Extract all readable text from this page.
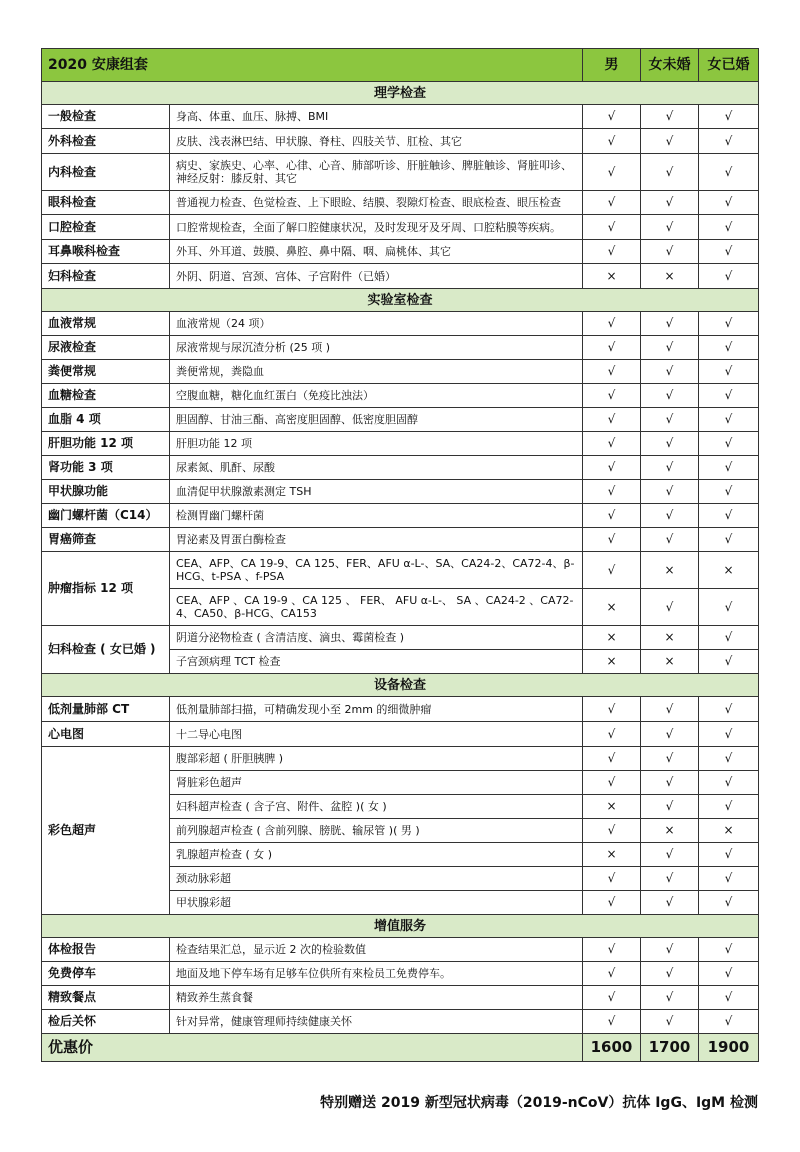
2020 安康组套		男	女未婚	女已婚
理学检查				
一般检查	身高、体重、血压、脉搏、BMI	√	√	√
外科检查	皮肤、浅表淋巴结、甲状腺、脊柱、四肢关节、肛检、其它	√	√	√
内科检查	病史、家族史、心率、心律、心音、肺部听诊、肝脏触诊、脾脏触诊、肾脏叩诊、神经反射：膝反射、其它	√	√	√
眼科检查	普通视力检查、色觉检查、上下眼睑、结膜、裂隙灯检查、眼底检查、眼压检查	√	√	√
口腔检查	口腔常规检查，全面了解口腔健康状况，及时发现牙及牙周、口腔粘膜等疾病。	√	√	√
耳鼻喉科检查	外耳、外耳道、鼓膜、鼻腔、鼻中隔、咽、扁桃体、其它	√	√	√
妇科检查	外阴、阴道、宫颈、宫体、子宫附件（已婚）	×	×	√
实验室检查				
血液常规	血液常规（24 项）	√	√	√
尿液检查	尿液常规与尿沉渣分析 (25 项 )	√	√	√
粪便常规	粪便常规，粪隐血	√	√	√
血糖检查	空腹血糖，糖化血红蛋白（免疫比浊法）	√	√	√
血脂 4 项	胆固醇、甘油三酯、高密度胆固醇、低密度胆固醇	√	√	√
肝胆功能 12 项	肝胆功能 12 项	√	√	√
肾功能 3 项	尿素氮、肌酐、尿酸	√	√	√
甲状腺功能	血清促甲状腺激素测定 TSH	√	√	√
幽门螺杆菌（C14）	检测胃幽门螺杆菌	√	√	√
胃癌筛查	胃泌素及胃蛋白酶检查	√	√	√
肿瘤指标 12 项	CEA、AFP、CA 19-9、CA 125、FER、AFU α-L-、SA、CA24-2、CA72-4、β-HCG、t-PSA 、f-PSA	√	×	×
	CEA、AFP 、CA 19-9 、CA 125 、 FER、 AFU α-L-、 SA 、CA24-2 、CA72-4、CA50、β-HCG、CA153	×	√	√
妇科检查 ( 女已婚 )	阴道分泌物检查 ( 含清洁度、滴虫、霉菌检查 )	×	×	√
	子宫颈病理 TCT 检查	×	×	√
设备检查				
低剂量肺部 CT	低剂量肺部扫描，可精确发现小至 2mm 的细微肿瘤	√	√	√
心电图	十二导心电图	√	√	√
彩色超声	腹部彩超 ( 肝胆胰脾 )	√	√	√
	肾脏彩色超声	√	√	√
	妇科超声检查 ( 含子宫、附件、盆腔 )( 女 )	×	√	√
	前列腺超声检查 ( 含前列腺、膀胱、输尿管 )( 男 )	√	×	×
	乳腺超声检查 ( 女 )	×	√	√
	颈动脉彩超	√	√	√
	甲状腺彩超	√	√	√
增值服务				
体检报告	检查结果汇总，显示近 2 次的检验数值	√	√	√
免费停车	地面及地下停车场有足够车位供所有來检员工免费停车。	√	√	√
精致餐点	精致养生蒸食餐	√	√	√
检后关怀	针对异常，健康管理师持续健康关怀	√	√	√
优惠价		1600	1700	1900
特别赠送 2019 新型冠状病毒（2019-nCoV）抗体 IgG、IgM 检测
